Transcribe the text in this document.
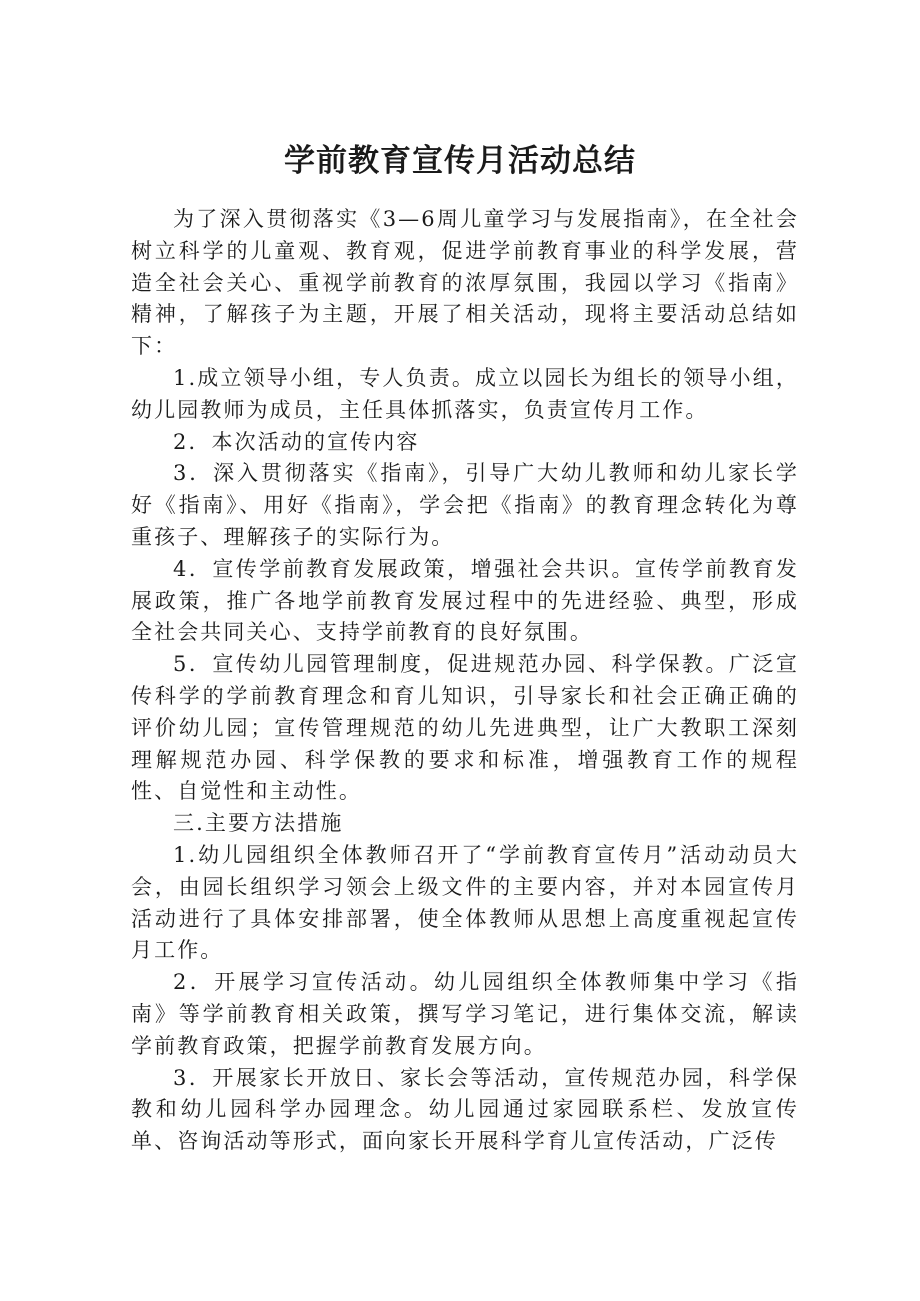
学前教育宣传月活动总结

为了深入贯彻落实《3—6周儿童学习与发展指南》，在全社会树立科学的儿童观、教育观，促进学前教育事业的科学发展，营造全社会关心、重视学前教育的浓厚氛围，我园以学习《指南》精神，了解孩子为主题，开展了相关活动，现将主要活动总结如下：

1.成立领导小组，专人负责。成立以园长为组长的领导小组，幼儿园教师为成员，主任具体抓落实，负责宣传月工作。

2．本次活动的宣传内容

3．深入贯彻落实《指南》，引导广大幼儿教师和幼儿家长学好《指南》、用好《指南》，学会把《指南》的教育理念转化为尊重孩子、理解孩子的实际行为。

4．宣传学前教育发展政策，增强社会共识。宣传学前教育发展政策，推广各地学前教育发展过程中的先进经验、典型，形成全社会共同关心、支持学前教育的良好氛围。

5．宣传幼儿园管理制度，促进规范办园、科学保教。广泛宣传科学的学前教育理念和育儿知识，引导家长和社会正确正确的评价幼儿园；宣传管理规范的幼儿先进典型，让广大教职工深刻理解规范办园、科学保教的要求和标准，增强教育工作的规程性、自觉性和主动性。

三.主要方法措施

1.幼儿园组织全体教师召开了“学前教育宣传月”活动动员大会，由园长组织学习领会上级文件的主要内容，并对本园宣传月活动进行了具体安排部署，使全体教师从思想上高度重视起宣传月工作。

2．开展学习宣传活动。幼儿园组织全体教师集中学习《指南》等学前教育相关政策，撰写学习笔记，进行集体交流，解读学前教育政策，把握学前教育发展方向。

3．开展家长开放日、家长会等活动，宣传规范办园，科学保教和幼儿园科学办园理念。幼儿园通过家园联系栏、发放宣传单、咨询活动等形式，面向家长开展科学育儿宣传活动，广泛传
